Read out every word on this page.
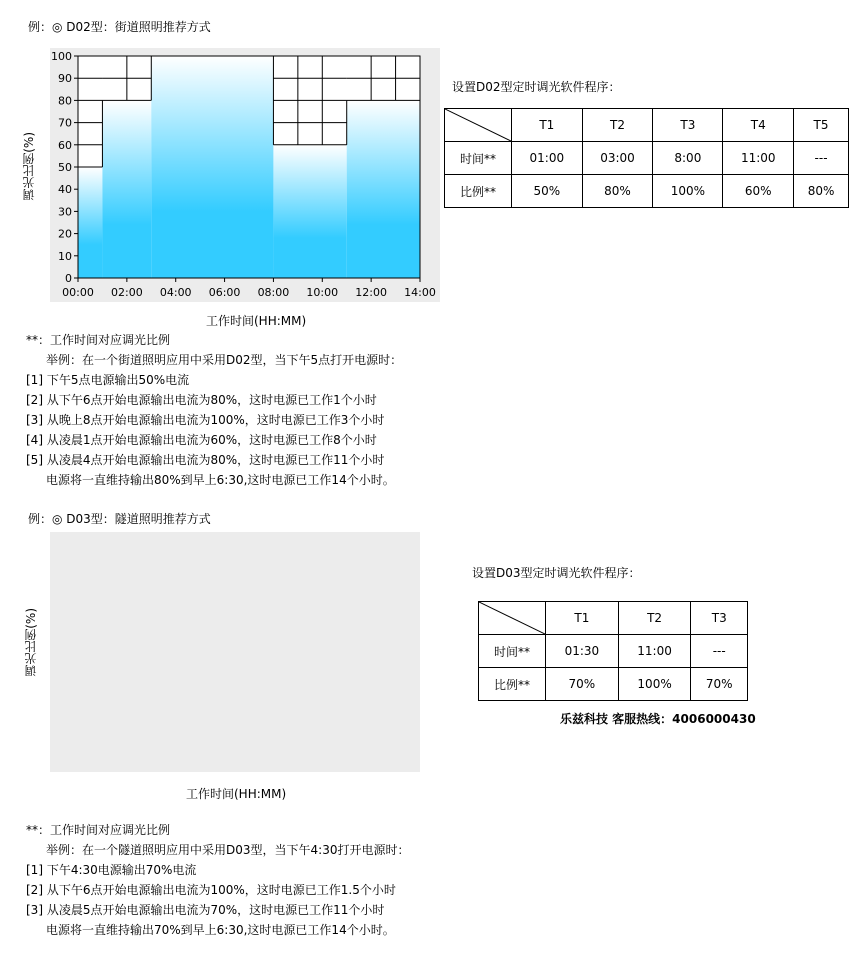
例：◎ D02型：街道照明推荐方式
0
10
20
30
40
50
60
70
80
90
100
00:00 02:00 04:00 06:00 08:00 10:00 12:00 14:00
调光比例(%)
工作时间(HH:MM)
设置D02型定时调光软件程序：
	T1	T2	T3	T4	T5
时间**	01:00	03:00	8:00	11:00	---
比例**	50%	80%	100%	60%	80%
**：工作时间对应调光比例
举例：在一个街道照明应用中采用D02型，当下午5点打开电源时：
[1] 下午5点电源输出50%电流
[2] 从下午6点开始电源输出电流为80%，这时电源已工作1个小时
[3] 从晚上8点开始电源输出电流为100%，这时电源已工作3个小时
[4] 从凌晨1点开始电源输出电流为60%，这时电源已工作8个小时
[5] 从凌晨4点开始电源输出电流为80%，这时电源已工作11个小时
电源将一直维持输出80%到早上6:30,这时电源已工作14个小时。
例：◎ D03型：隧道照明推荐方式
调光比例(%)
工作时间(HH:MM)
设置D03型定时调光软件程序：
	T1	T2	T3
时间**	01:30	11:00	---
比例**	70%	100%	70%
乐兹科技 客服热线：4006000430
**：工作时间对应调光比例
举例：在一个隧道照明应用中采用D03型，当下午4:30打开电源时：
[1] 下午4:30电源输出70%电流
[2] 从下午6点开始电源输出电流为100%，这时电源已工作1.5个小时
[3] 从凌晨5点开始电源输出电流为70%，这时电源已工作11个小时
电源将一直维持输出70%到早上6:30,这时电源已工作14个小时。
